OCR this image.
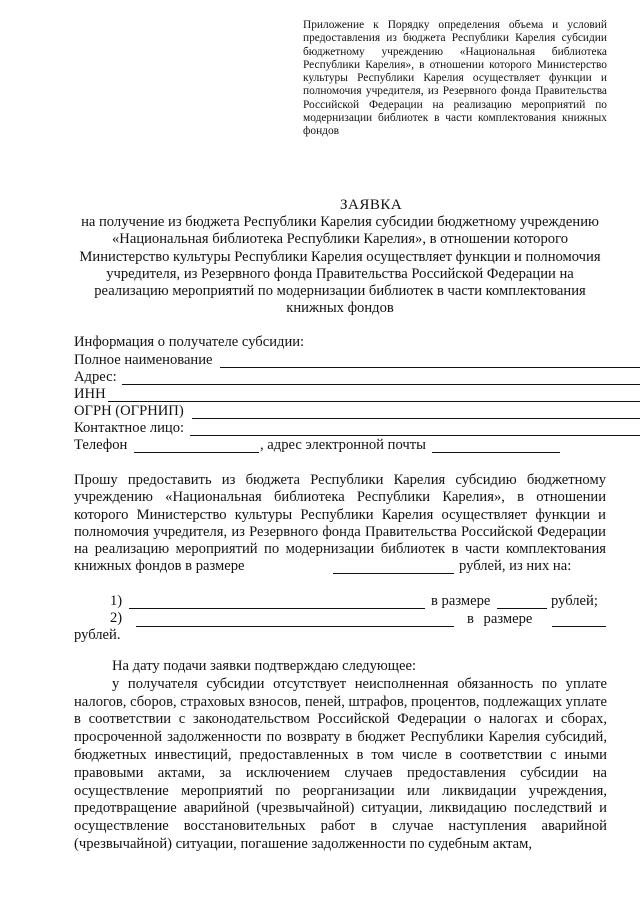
Приложение к Порядку определения объема и условий предоставления из бюджета Республики Карелия субсидии бюджетному учреждению «Национальная библиотека Республики Карелия», в отношении которого Министерство культуры Республики Карелия осуществляет функции и полномочия учредителя, из Резервного фонда Правительства Российской Федерации на реализацию мероприятий по модернизации библиотек в части комплектования книжных фондов
ЗАЯВКА
на получение из бюджета Республики Карелия субсидии бюджетному учреждению «Национальная библиотека Республики Карелия», в отношении которого Министерство культуры Республики Карелия осуществляет функции и полномочия учредителя, из Резервного фонда Правительства Российской Федерации на реализацию мероприятий по модернизации библиотек в части комплектования книжных фондов
Информация о получателе субсидии:
Полное наименование
Адрес:
ИНН
ОГРН (ОГРНИП)
Контактное лицо:
Телефон	, адрес электронной почты
Прошу предоставить из бюджета Республики Карелия субсидию бюджетному учреждению «Национальная библиотека Республики Карелия», в отношении которого Министерство культуры Республики Карелия осуществляет функции и полномочия учредителя, из Резервного фонда Правительства Российской Федерации на реализацию мероприятий по модернизации библиотек в части комплектования книжных фондов в размере	рублей, из них на:
1)	в размере	рублей;
2)	в размере
рублей.

На дату подачи заявки подтверждаю следующее:

у получателя субсидии отсутствует неисполненная обязанность по уплате налогов, сборов, страховых взносов, пеней, штрафов, процентов, подлежащих уплате в соответствии с законодательством Российской Федерации о налогах и сборах, просроченной задолженности по возврату в бюджет Республики Карелия субсидий, бюджетных инвестиций, предоставленных в том числе в соответствии с иными правовыми актами, за исключением случаев предоставления субсидии на осуществление мероприятий по реорганизации или ликвидации учреждения, предотвращение аварийной (чрезвычайной) ситуации, ликвидацию последствий и осуществление восстановительных работ в случае наступления аварийной (чрезвычайной) ситуации, погашение задолженности по судебным актам,
